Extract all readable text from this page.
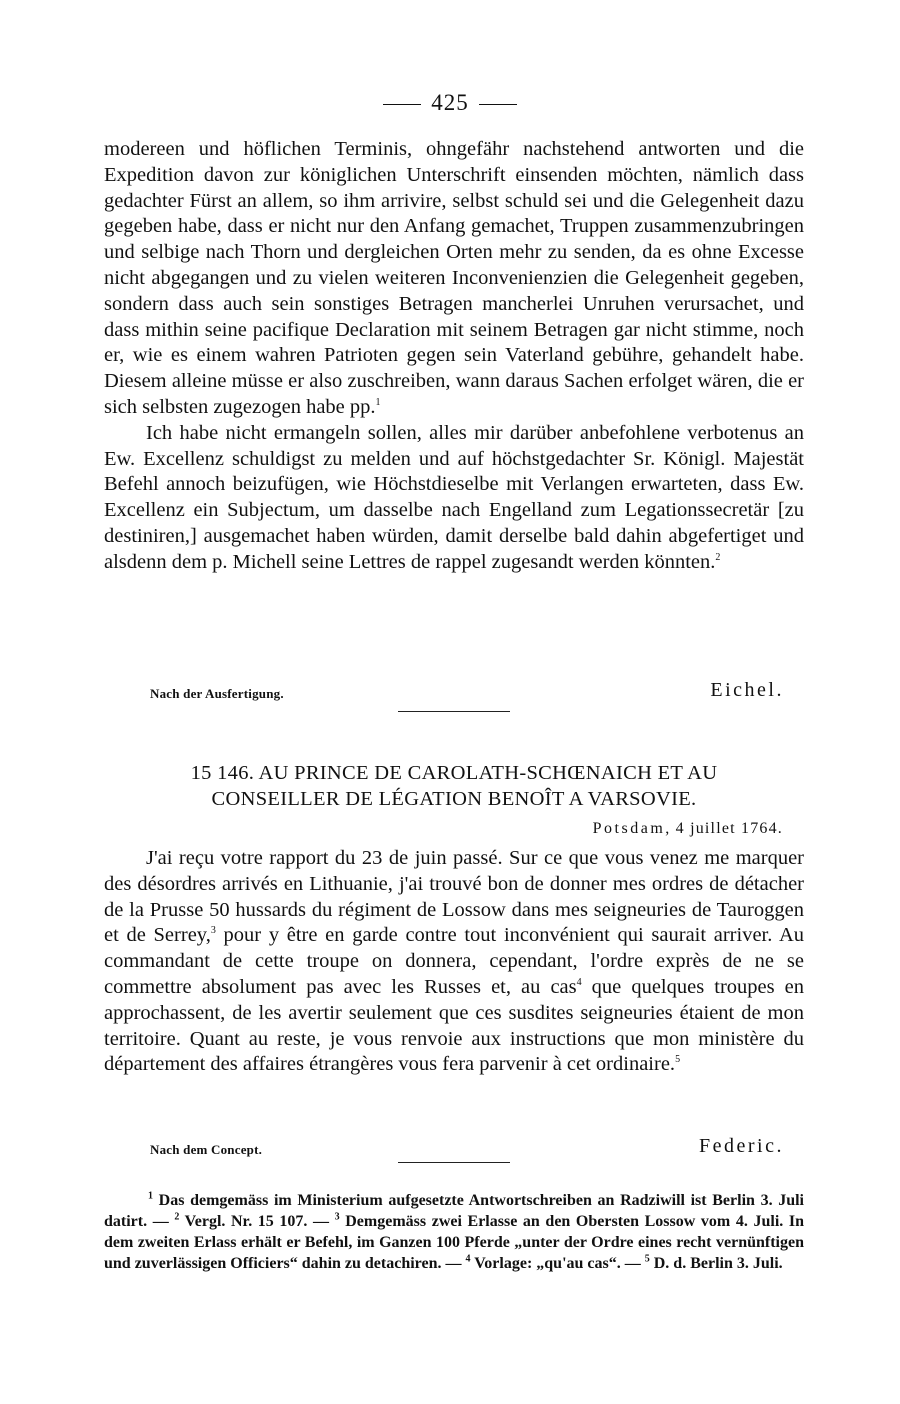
425

modereen und höflichen Terminis, ohngefähr nachstehend antworten und die Expedition davon zur königlichen Unterschrift einsenden möchten, nämlich dass gedachter Fürst an allem, so ihm arrivire, selbst schuld sei und die Gelegenheit dazu gegeben habe, dass er nicht nur den Anfang gemachet, Truppen zusammenzubringen und selbige nach Thorn und dergleichen Orten mehr zu senden, da es ohne Excesse nicht abgegangen und zu vielen weiteren Inconvenienzien die Gelegenheit gegeben, sondern dass auch sein sonstiges Betragen mancherlei Unruhen verursachet, und dass mithin seine pacifique Declaration mit seinem Betragen gar nicht stimme, noch er, wie es einem wahren Patrioten gegen sein Vaterland gebühre, gehandelt habe. Diesem alleine müsse er also zuschreiben, wann daraus Sachen erfolget wären, die er sich selbsten zugezogen habe pp.$^1$

Ich habe nicht ermangeln sollen, alles mir darüber anbefohlene verbotenus an Ew. Excellenz schuldigst zu melden und auf höchstgedachter Sr. Königl. Majestät Befehl annoch beizufügen, wie Höchstdieselbe mit Verlangen erwarteten, dass Ew. Excellenz ein Subjectum, um dasselbe nach Engelland zum Legationssecretär [zu destiniren,] ausgemachet haben würden, damit derselbe bald dahin abgefertiget und alsdenn dem p. Michell seine Lettres de rappel zugesandt werden könnten.$^2$

Nach der Ausfertigung.	Eichel.
15 146. AU PRINCE DE CAROLATH-SCHŒNAICH ET AU
CONSEILLER DE LÉGATION BENOÎT A VARSOVIE.
Potsdam, 4 juillet 1764.

J'ai reçu votre rapport du 23 de juin passé. Sur ce que vous venez me marquer des désordres arrivés en Lithuanie, j'ai trouvé bon de donner mes ordres de détacher de la Prusse 50 hussards du régiment de Lossow dans mes seigneuries de Tauroggen et de Serrey,$^3$ pour y être en garde contre tout inconvénient qui saurait arriver. Au commandant de cette troupe on donnera, cependant, l'ordre exprès de ne se commettre absolument pas avec les Russes et, au cas$^4$ que quelques troupes en approchassent, de les avertir seulement que ces susdites seigneuries étaient de mon territoire. Quant au reste, je vous renvoie aux instructions que mon ministère du département des affaires étrangères vous fera parvenir à cet ordinaire.$^5$

Nach dem Concept.	Federic.

$^1$ Das demgemäss im Ministerium aufgesetzte Antwortschreiben an Radziwill ist Berlin 3. Juli datirt. — $^2$ Vergl. Nr. 15 107. — $^3$ Demgemäss zwei Erlasse an den Obersten Lossow vom 4. Juli. In dem zweiten Erlass erhält er Befehl, im Ganzen 100 Pferde „unter der Ordre eines recht vernünftigen und zuverlässigen Officiers“ dahin zu detachiren. — $^4$ Vorlage: „qu'au cas“. — $^5$ D. d. Berlin 3. Juli.
